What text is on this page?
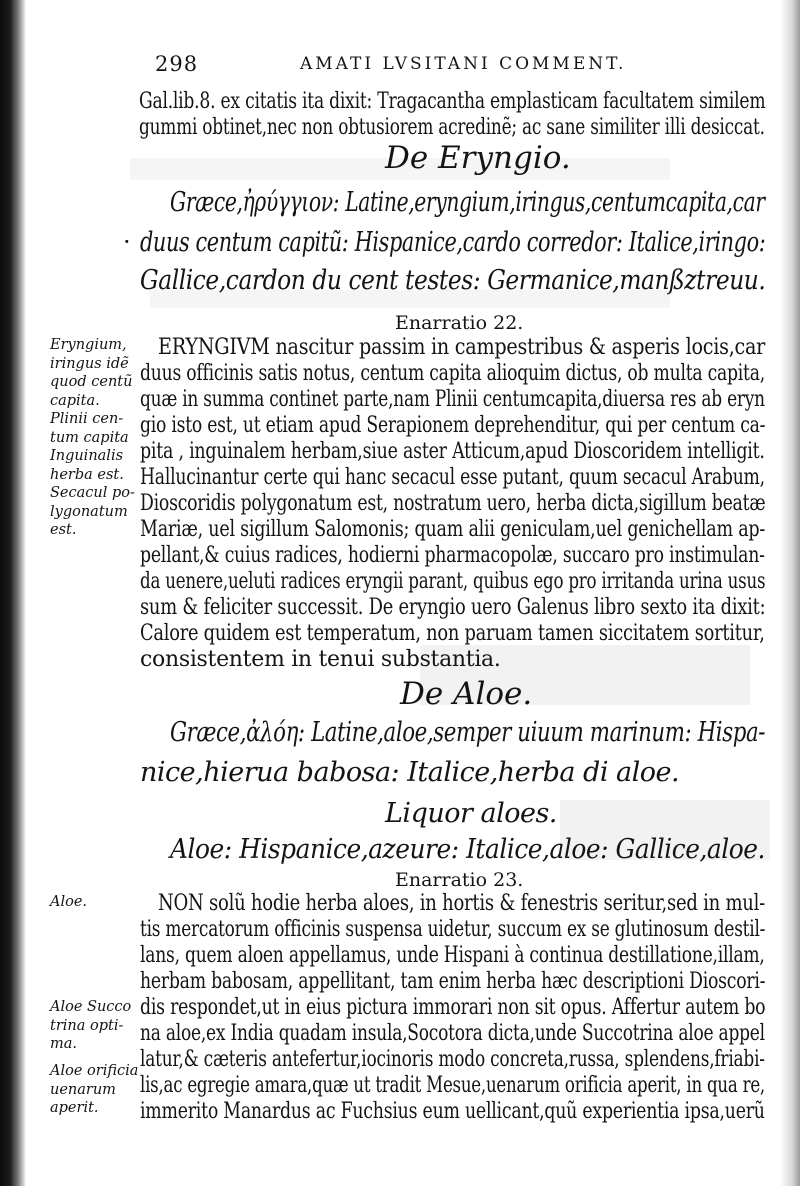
298	AMATI LVSITANI COMMENT.
Gal.lib.8. ex citatis ita dixit: Tragacantha emplasticam facultatem similem
gummi obtinet,nec non obtusiorem acredinẽ; ac sane similiter illi desiccat.
De Eryngio.
Græce,ἠρύγγιον: Latine,eryngium,iringus,centumcapita,car
· duus centum capitũ: Hispanice,cardo corredor: Italice,iringo:
Gallice,cardon du cent testes: Germanice,manßztreuu.
Enarratio 22.
Eryngium,
iringus idẽ
quod centũ
capita.
Plinii cen-
tum capita
Inguinalis
herba est.
Secacul po-
lygonatum
est.
ERYNGIVM nascitur passim in campestribus & asperis locis,car
duus officinis satis notus, centum capita alioquim dictus, ob multa capita,
quæ in summa continet parte,nam Plinii centumcapita,diuersa res ab eryn
gio isto est, ut etiam apud Serapionem deprehenditur, qui per centum ca-
pita , inguinalem herbam,siue aster Atticum,apud Dioscoridem intelligit.
Hallucinantur certe qui hanc secacul esse putant, quum secacul Arabum,
Dioscoridis polygonatum est, nostratum uero, herba dicta,sigillum beatæ
Mariæ, uel sigillum Salomonis; quam alii geniculam,uel genichellam ap-
pellant,& cuius radices, hodierni pharmacopolæ, succaro pro instimulan-
da uenere,ueluti radices eryngii parant, quibus ego pro irritanda urina usus
sum & feliciter successit. De eryngio uero Galenus libro sexto ita dixit:
Calore quidem est temperatum, non paruam tamen siccitatem sortitur,
consistentem in tenui substantia.
De Aloe.
Græce,ἀλόη: Latine,aloe,semper uiuum marinum: Hispa-
nice,hierua babosa: Italice,herba di aloe.
Liquor aloes.
Aloe: Hispanice,azeure: Italice,aloe: Gallice,aloe.
Enarratio 23.
Aloe.
Aloe Succo
trina opti-
ma.
Aloe orificia
uenarum
aperit.
NON solũ hodie herba aloes, in hortis & fenestris seritur,sed in mul-
tis mercatorum officinis suspensa uidetur, succum ex se glutinosum destil-
lans, quem aloen appellamus, unde Hispani à continua destillatione,illam,
herbam babosam, appellitant, tam enim herba hæc descriptioni Dioscori-
dis respondet,ut in eius pictura immorari non sit opus. Affertur autem bo
na aloe,ex India quadam insula,Socotora dicta,unde Succotrina aloe appel
latur,& cæteris antefertur,iocinoris modo concreta,russa, splendens,friabi-
lis,ac egregie amara,quæ ut tradit Mesue,uenarum orificia aperit, in qua re,
immerito Manardus ac Fuchsius eum uellicant,quũ experientia ipsa,uerũ
